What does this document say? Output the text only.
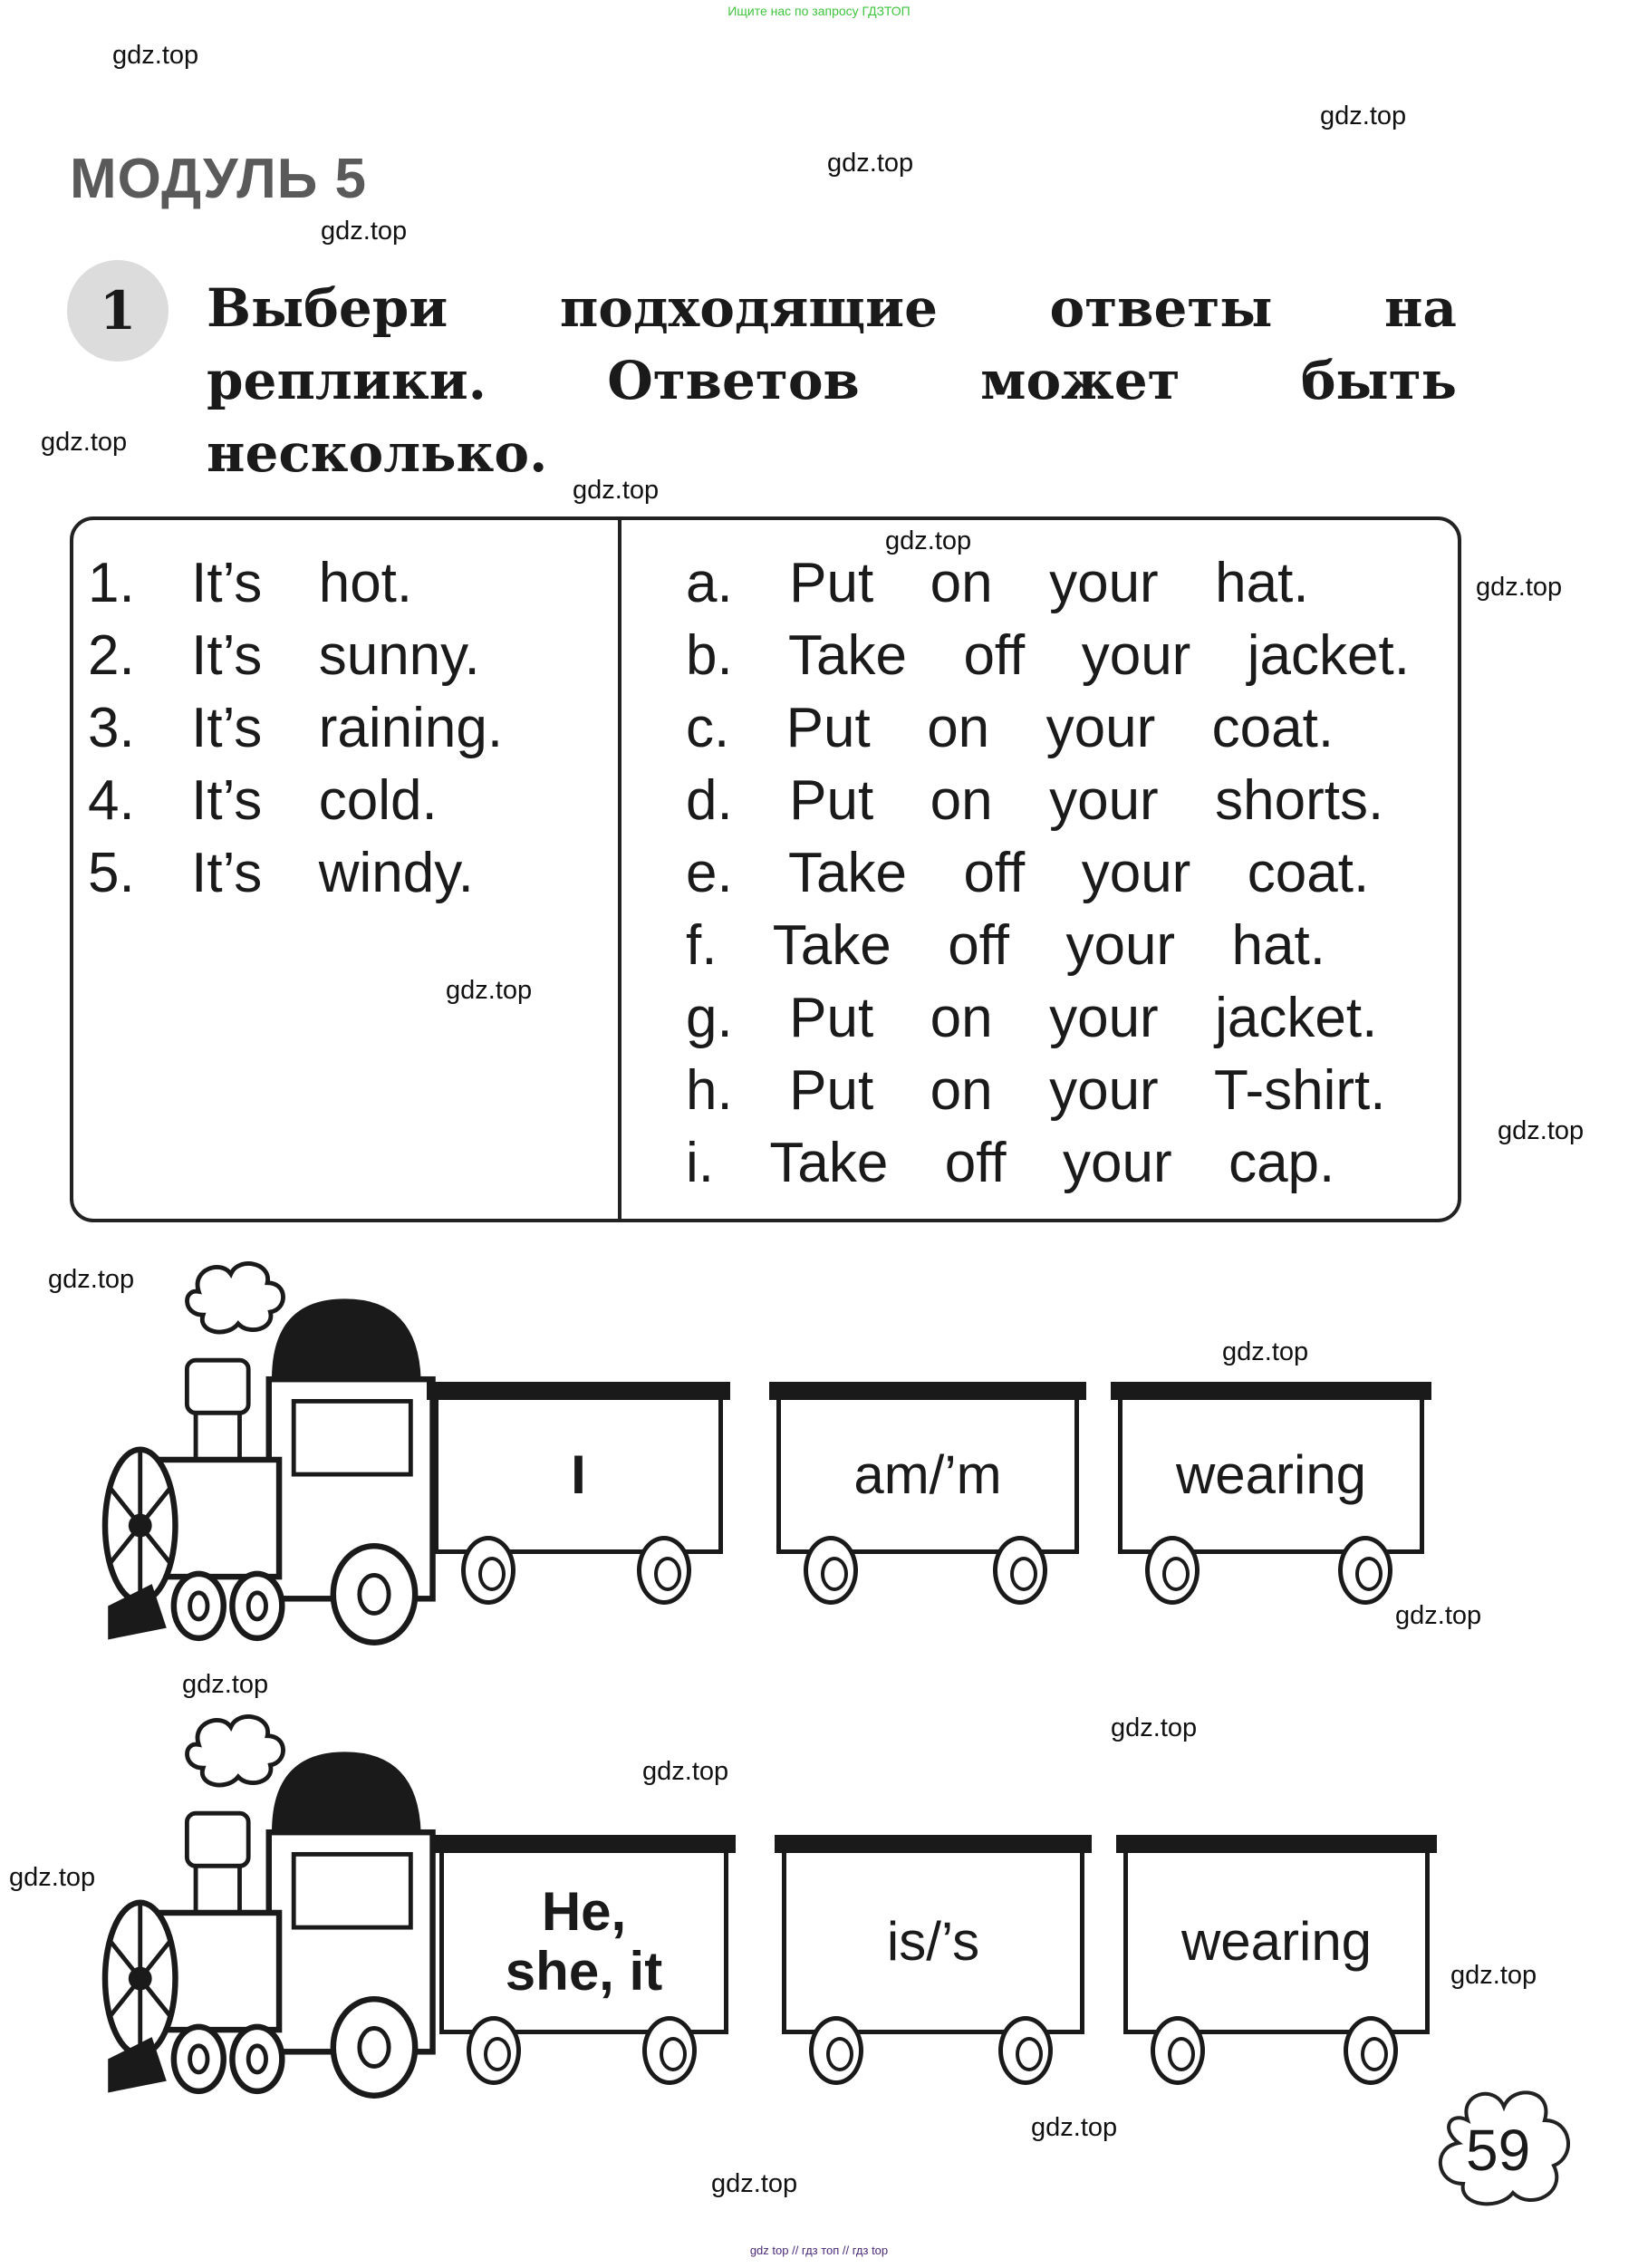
Ищите нас по запросу ГДЗТОП
gdz top // гдз топ // гдз top
gdz.top
gdz.top
gdz.top
gdz.top
gdz.top
gdz.top
gdz.top
gdz.top
gdz.top
gdz.top
gdz.top
gdz.top
gdz.top
gdz.top
gdz.top
gdz.top
gdz.top
gdz.top
gdz.top
gdz.top
МОДУЛЬ 5
1	Выбери подходящие ответы на реплики. Ответов может быть несколько.
1.  It’s  hot.
2.  It’s  sunny.
3.  It’s  raining.
4.  It’s  cold.
5.  It’s  windy.
a.  Put  on  your  hat.
b.  Take  off  your  jacket.
c.  Put  on  your  coat.
d.  Put  on  your  shorts.
e.  Take  off  your  coat.
f.  Take  off  your  hat.
g.  Put  on  your  jacket.
h.  Put  on  your  T-shirt.
i.  Take  off  your  cap.
I	am/’m	wearing
He, she, it	is/’s	wearing
59
